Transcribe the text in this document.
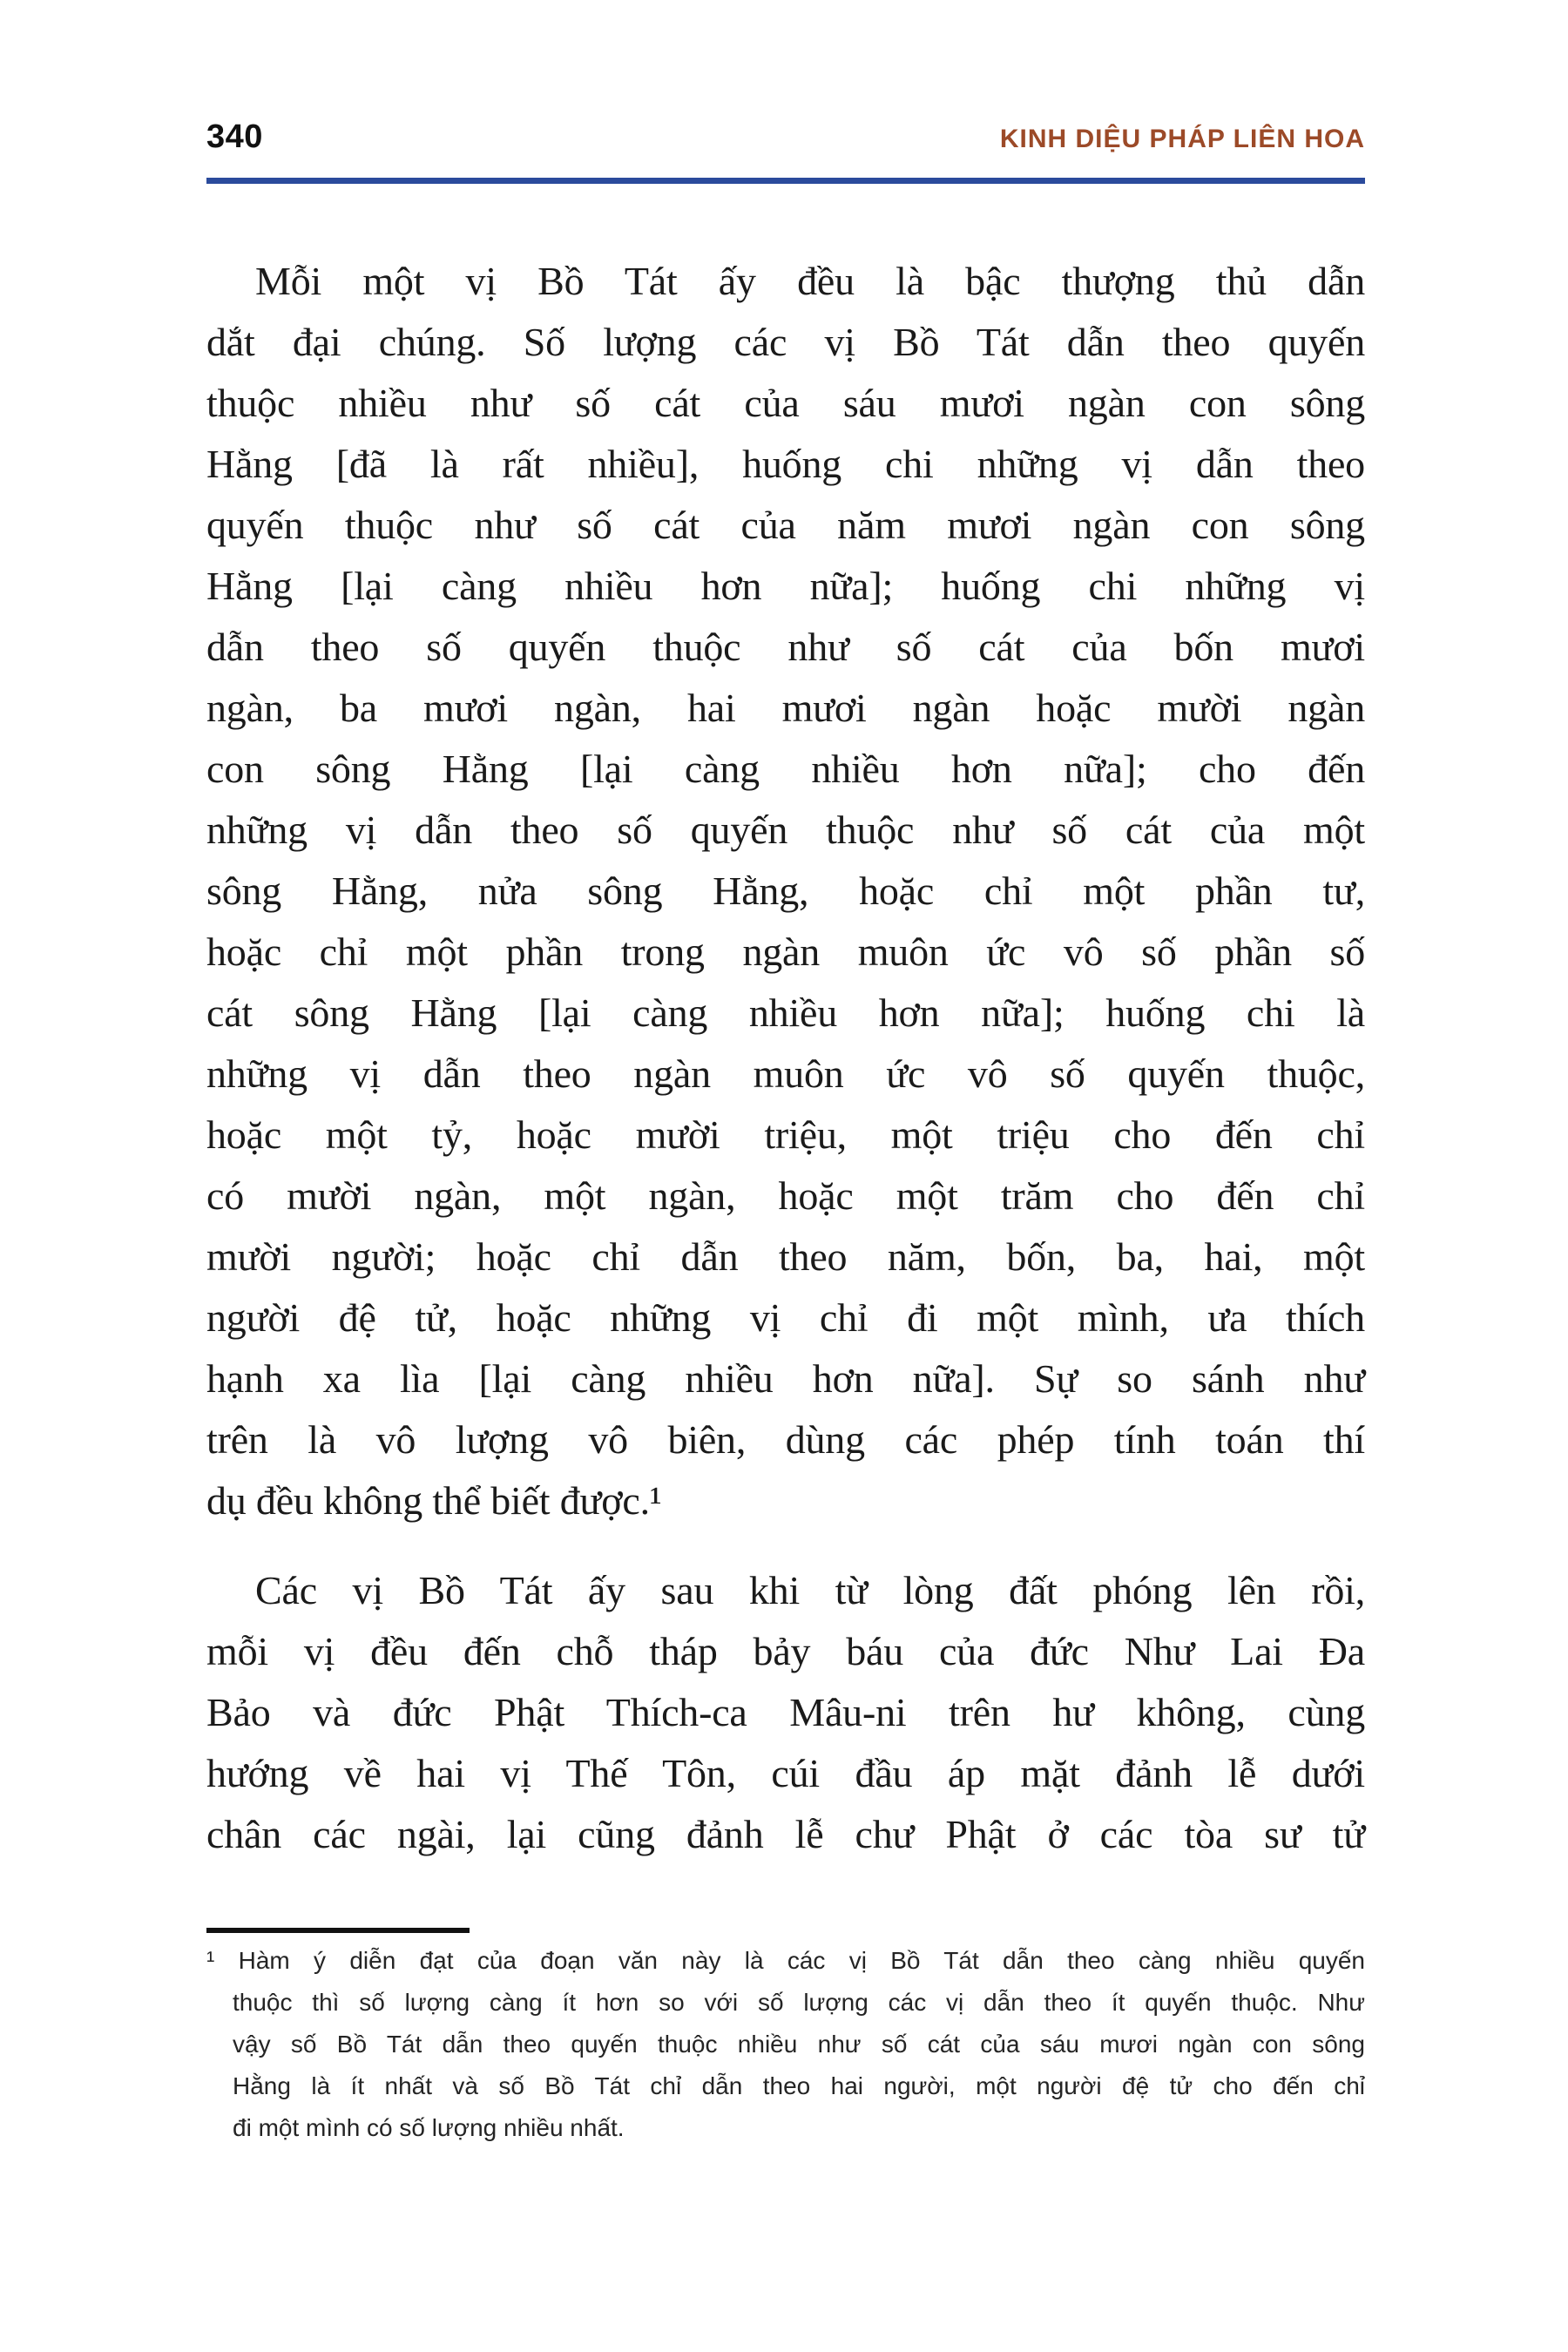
340	KINH DIỆU PHÁP LIÊN HOA

Mỗi một vị Bồ Tát ấy đều là bậc thượng thủ dẫn

dắt đại chúng. Số lượng các vị Bồ Tát dẫn theo quyến

thuộc nhiều như số cát của sáu mươi ngàn con sông

Hằng [đã là rất nhiều], huống chi những vị dẫn theo

quyến thuộc như số cát của năm mươi ngàn con sông

Hằng [lại càng nhiều hơn nữa]; huống chi những vị

dẫn theo số quyến thuộc như số cát của bốn mươi

ngàn, ba mươi ngàn, hai mươi ngàn hoặc mười ngàn

con sông Hằng [lại càng nhiều hơn nữa]; cho đến

những vị dẫn theo số quyến thuộc như số cát của một

sông Hằng, nửa sông Hằng, hoặc chỉ một phần tư,

hoặc chỉ một phần trong ngàn muôn ức vô số phần số

cát sông Hằng [lại càng nhiều hơn nữa]; huống chi là

những vị dẫn theo ngàn muôn ức vô số quyến thuộc,

hoặc một tỷ, hoặc mười triệu, một triệu cho đến chỉ

có mười ngàn, một ngàn, hoặc một trăm cho đến chỉ

mười người; hoặc chỉ dẫn theo năm, bốn, ba, hai, một

người đệ tử, hoặc những vị chỉ đi một mình, ưa thích

hạnh xa lìa [lại càng nhiều hơn nữa]. Sự so sánh như

trên là vô lượng vô biên, dùng các phép tính toán thí

dụ đều không thể biết được.¹

Các vị Bồ Tát ấy sau khi từ lòng đất phóng lên rồi,

mỗi vị đều đến chỗ tháp bảy báu của đức Như Lai Đa

Bảo và đức Phật Thích-ca Mâu-ni trên hư không, cùng

hướng về hai vị Thế Tôn, cúi đầu áp mặt đảnh lễ dưới

chân các ngài, lại cũng đảnh lễ chư Phật ở các tòa sư tử

¹ Hàm ý diễn đạt của đoạn văn này là các vị Bồ Tát dẫn theo càng nhiều quyến

thuộc thì số lượng càng ít hơn so với số lượng các vị dẫn theo ít quyến thuộc. Như

vậy số Bồ Tát dẫn theo quyến thuộc nhiều như số cát của sáu mươi ngàn con sông

Hằng là ít nhất và số Bồ Tát chỉ dẫn theo hai người, một người đệ tử cho đến chỉ

đi một mình có số lượng nhiều nhất.
